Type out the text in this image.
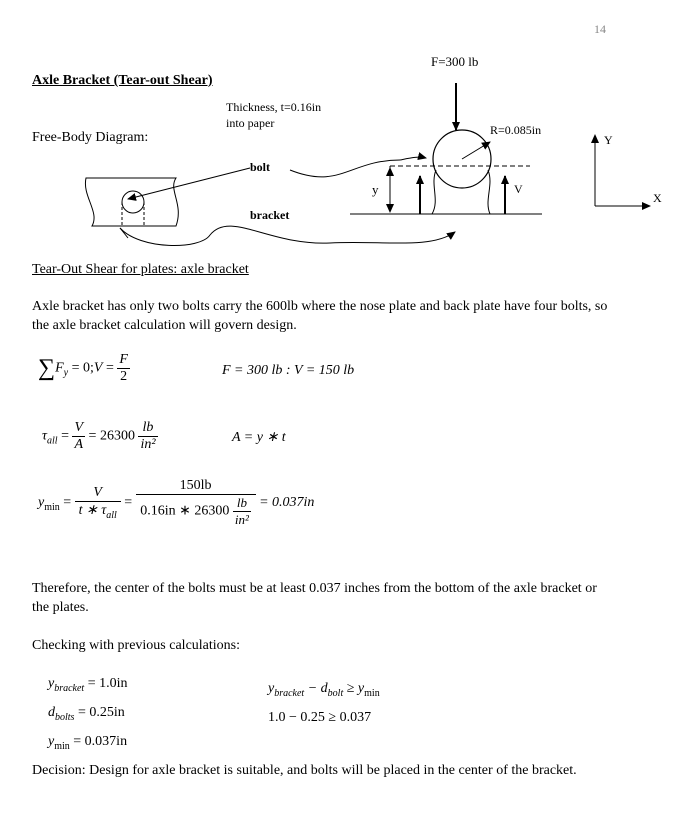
14
Axle Bracket (Tear-out Shear)
Free-Body Diagram:
F=300 lb
Thickness, t=0.16in
into paper	R=0.085in
bolt
bracket
y	V
Y
X
Tear-Out Shear for plates: axle bracket
Axle bracket has only two bolts carry the 600lb where the nose plate and back plate have four bolts, so the axle bracket calculation will govern design.
$\sum F_y$ = 0;V = $\frac{F}{2}$	F = 300 lb : V = 150 lb
$\tau_{all} = \frac{V}{A} = 26300 \frac{lb}{\text{in²}}$	A = y ∗ t
$y_{min} = \frac{V}{t ∗ \tau_{all}} = \frac{150lb}{0.16in ∗ 26300 \frac{lb}{\text{in²}}} = 0.037in$
Therefore, the center of the bolts must be at least 0.037 inches from the bottom of the axle bracket or the plates.
Checking with previous calculations:
$y_{bracket} = 1.0in$
$d_{bolts} = 0.25in$
$y_{min} = 0.037in$
$y_{bracket} - d_{bolt} \ge y_{min}$
1.0 − 0.25 ≥ 0.037
Decision: Design for axle bracket is suitable, and bolts will be placed in the center of the bracket.
